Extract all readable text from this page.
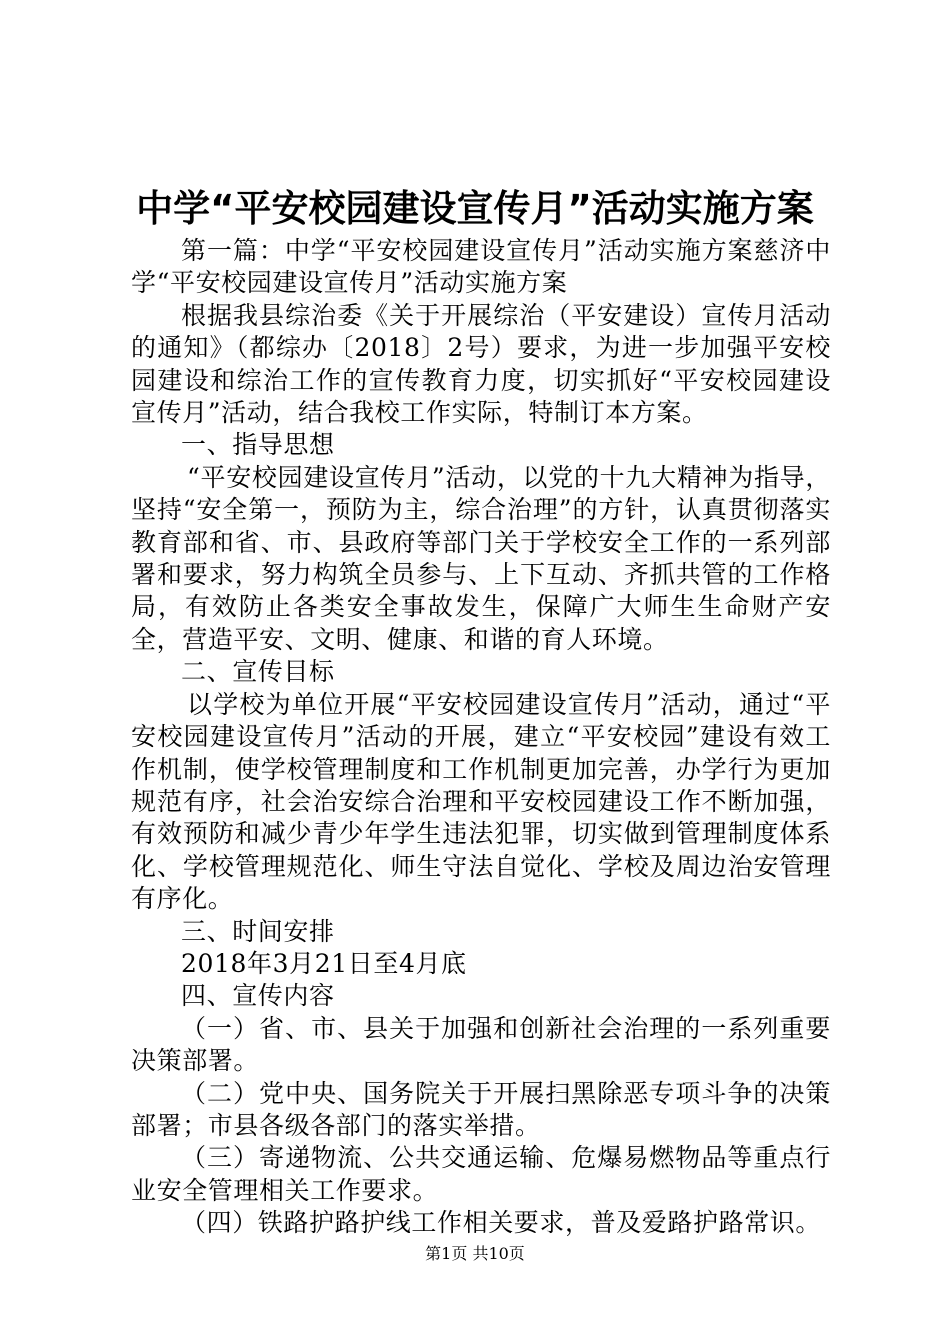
中学“平安校园建设宣传月”活动实施方案

第一篇：中学“平安校园建设宣传月”活动实施方案慈济中学“平安校园建设宣传月”活动实施方案

根据我县综治委《关于开展综治（平安建设）宣传月活动的通知》（都综办〔2018〕2号）要求，为进一步加强平安校园建设和综治工作的宣传教育力度，切实抓好“平安校园建设宣传月”活动，结合我校工作实际，特制订本方案。

一、指导思想

“平安校园建设宣传月”活动，以党的十九大精神为指导，坚持“安全第一，预防为主，综合治理”的方针，认真贯彻落实教育部和省、市、县政府等部门关于学校安全工作的一系列部署和要求，努力构筑全员参与、上下互动、齐抓共管的工作格局，有效防止各类安全事故发生，保障广大师生生命财产安全，营造平安、文明、健康、和谐的育人环境。

二、宣传目标

以学校为单位开展“平安校园建设宣传月”活动，通过“平安校园建设宣传月”活动的开展，建立“平安校园”建设有效工作机制，使学校管理制度和工作机制更加完善，办学行为更加规范有序，社会治安综合治理和平安校园建设工作不断加强，有效预防和减少青少年学生违法犯罪，切实做到管理制度体系化、学校管理规范化、师生守法自觉化、学校及周边治安管理有序化。

三、时间安排

2018年3月21日至4月底

四、宣传内容

（一）省、市、县关于加强和创新社会治理的一系列重要决策部署。

（二）党中央、国务院关于开展扫黑除恶专项斗争的决策部署；市县各级各部门的落实举措。

（三）寄递物流、公共交通运输、危爆易燃物品等重点行业安全管理相关工作要求。

（四）铁路护路护线工作相关要求，普及爱路护路常识。

第1页 共10页
